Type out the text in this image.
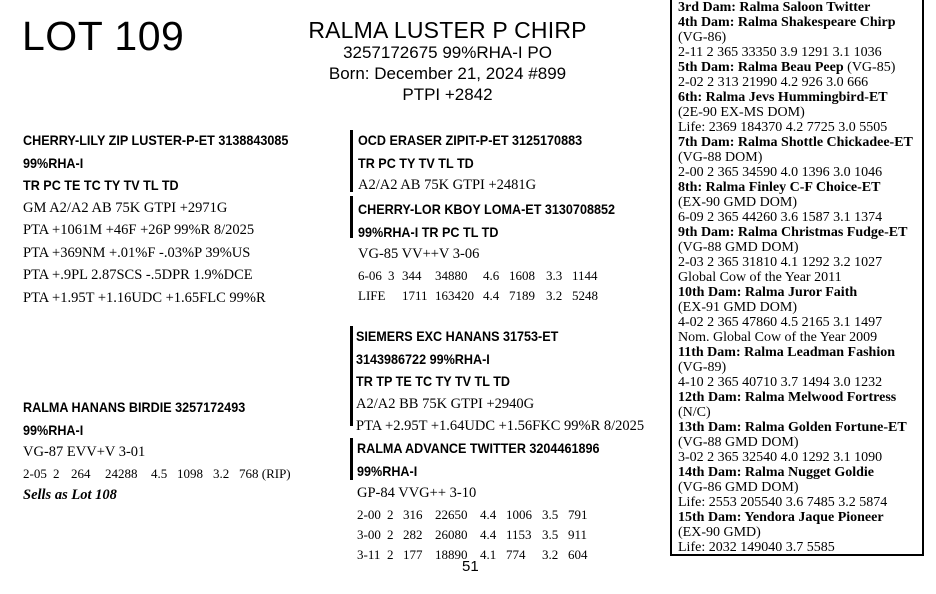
LOT 109	RALMA LUSTER P CHIRP
3257172675 99%RHA-I PO
Born: December 21, 2024 #899
PTPI +2842
CHERRY-LILY ZIP LUSTER-P-ET 3138843085
99%RHA-I
TR PC TE TC TY TV TL TD
GM A2/A2 AB 75K GTPI +2971G
PTA +1061M +46F +26P 99%R 8/2025
PTA +369NM +.01%F -.03%P 39%US
PTA +.9PL 2.87SCS -.5DPR 1.9%DCE
PTA +1.95T +1.16UDC +1.65FLC 99%R
RALMA HANANS BIRDIE 3257172493
99%RHA-I
VG-87 EVV+V 3-01
2-05	2	264	24288	4.5	1098	3.2	768 (RIP)
Sells as Lot 108
OCD ERASER ZIPIT-P-ET 3125170883
TR PC TY TV TL TD
A2/A2 AB 75K GTPI +2481G
CHERRY-LOR KBOY LOMA-ET 3130708852
99%RHA-I TR PC TL TD
VG-85 VV++V 3-06
6-06	3	344	34880	4.6	1608	3.3	1144
LIFE		1711	163420	4.4	7189	3.2	5248
SIEMERS EXC HANANS 31753-ET
3143986722 99%RHA-I
TR TP TE TC TY TV TL TD
A2/A2 BB 75K GTPI +2940G
PTA +2.95T +1.64UDC +1.56FKC 99%R 8/2025
RALMA ADVANCE TWITTER 3204461896
99%RHA-I
GP-84 VVG++ 3-10
2-00	2	316	22650	4.4	1006	3.5	791
3-00	2	282	26080	4.4	1153	3.5	911
3-11	2	177	18890	4.1	774	3.2	604
3rd Dam: Ralma Saloon Twitter
4th Dam: Ralma Shakespeare Chirp
(VG-86)
2-11 2 365 33350 3.9 1291 3.1 1036
5th Dam: Ralma Beau Peep (VG-85)
2-02 2 313 21990 4.2 926 3.0 666
6th: Ralma Jevs Hummingbird-ET
(2E-90 EX-MS DOM)
Life: 2369 184370 4.2 7725 3.0 5505
7th Dam: Ralma Shottle Chickadee-ET
(VG-88 DOM)
2-00 2 365 34590 4.0 1396 3.0 1046
8th: Ralma Finley C-F Choice-ET
(EX-90 GMD DOM)
6-09 2 365 44260 3.6 1587 3.1 1374
9th Dam: Ralma Christmas Fudge-ET
(VG-88 GMD DOM)
2-03 2 365 31810 4.1 1292 3.2 1027
Global Cow of the Year 2011
10th Dam: Ralma Juror Faith
(EX-91 GMD DOM)
4-02 2 365 47860 4.5 2165 3.1 1497
Nom. Global Cow of the Year 2009
11th Dam: Ralma Leadman Fashion
(VG-89)
4-10 2 365 40710 3.7 1494 3.0 1232
12th Dam: Ralma Melwood Fortress
(N/C)
13th Dam: Ralma Golden Fortune-ET
(VG-88 GMD DOM)
3-02 2 365 32540 4.0 1292 3.1 1090
14th Dam: Ralma Nugget Goldie
(VG-86 GMD DOM)
Life: 2553 205540 3.6 7485 3.2 5874
15th Dam: Yendora Jaque Pioneer
(EX-90 GMD)
Life: 2032 149040 3.7 5585
51
